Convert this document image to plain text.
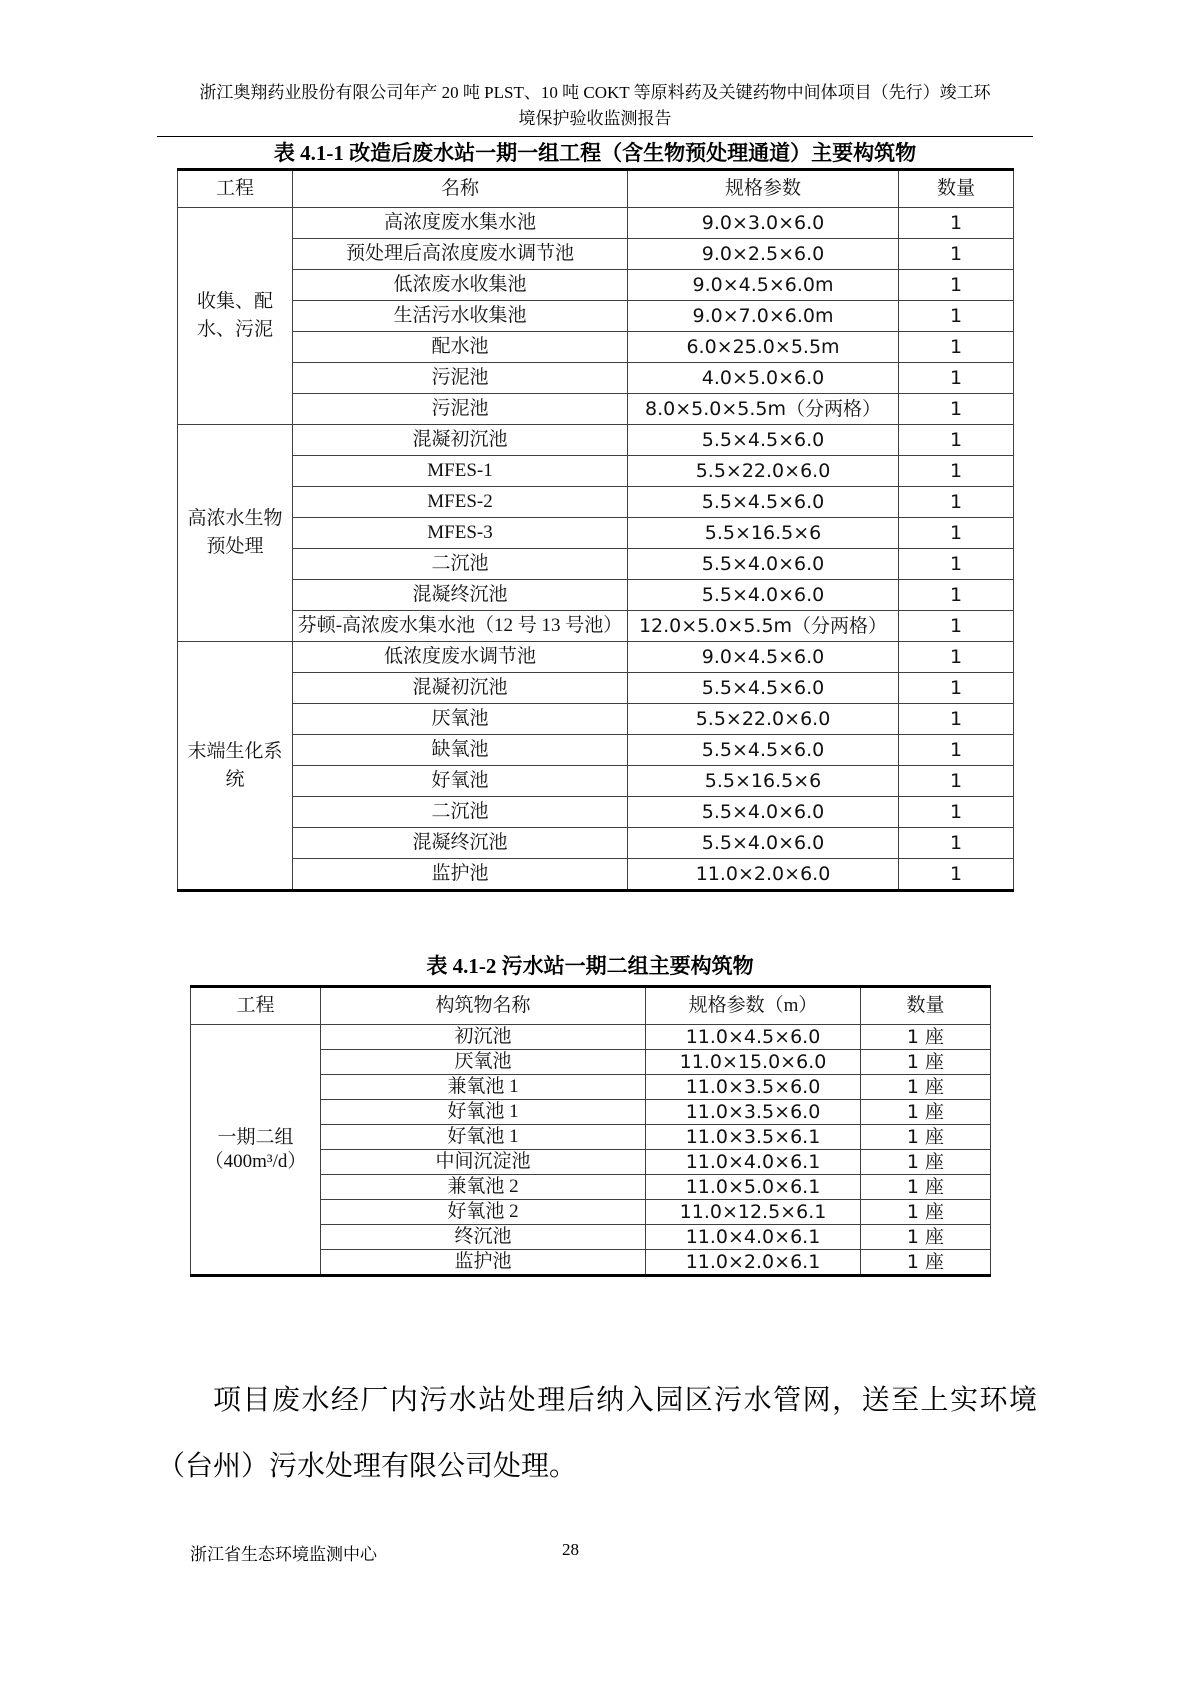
浙江奥翔药业股份有限公司年产 20 吨 PLST、10 吨 COKT 等原料药及关键药物中间体项目（先行）竣工环
境保护验收监测报告
表 4.1-1 改造后废水站一期一组工程（含生物预处理通道）主要构筑物
工程	名称	规格参数	数量
收集、配水、污泥	高浓度废水集水池	9.0×3.0×6.0	1
	预处理后高浓度废水调节池	9.0×2.5×6.0	1
	低浓废水收集池	9.0×4.5×6.0m	1
	生活污水收集池	9.0×7.0×6.0m	1
	配水池	6.0×25.0×5.5m	1
	污泥池	4.0×5.0×6.0	1
	污泥池	8.0×5.0×5.5m（分两格）	1
高浓水生物预处理	混凝初沉池	5.5×4.5×6.0	1
	MFES-1	5.5×22.0×6.0	1
	MFES-2	5.5×4.5×6.0	1
	MFES-3	5.5×16.5×6	1
	二沉池	5.5×4.0×6.0	1
	混凝终沉池	5.5×4.0×6.0	1
	芬顿-高浓废水集水池（12 号 13 号池）	12.0×5.0×5.5m（分两格）	1
末端生化系统	低浓度废水调节池	9.0×4.5×6.0	1
	混凝初沉池	5.5×4.5×6.0	1
	厌氧池	5.5×22.0×6.0	1
	缺氧池	5.5×4.5×6.0	1
	好氧池	5.5×16.5×6	1
	二沉池	5.5×4.0×6.0	1
	混凝终沉池	5.5×4.0×6.0	1
	监护池	11.0×2.0×6.0	1
表 4.1-2 污水站一期二组主要构筑物
工程	构筑物名称	规格参数（m）	数量
一期二组（400m³/d）	初沉池	11.0×4.5×6.0	1 座
	厌氧池	11.0×15.0×6.0	1 座
	兼氧池 1	11.0×3.5×6.0	1 座
	好氧池 1	11.0×3.5×6.0	1 座
	好氧池 1	11.0×3.5×6.1	1 座
	中间沉淀池	11.0×4.0×6.1	1 座
	兼氧池 2	11.0×5.0×6.1	1 座
	好氧池 2	11.0×12.5×6.1	1 座
	终沉池	11.0×4.0×6.1	1 座
	监护池	11.0×2.0×6.1	1 座
项目废水经厂内污水站处理后纳入园区污水管网，送至上实环境（台州）污水处理有限公司处理。
浙江省生态环境监测中心	28
